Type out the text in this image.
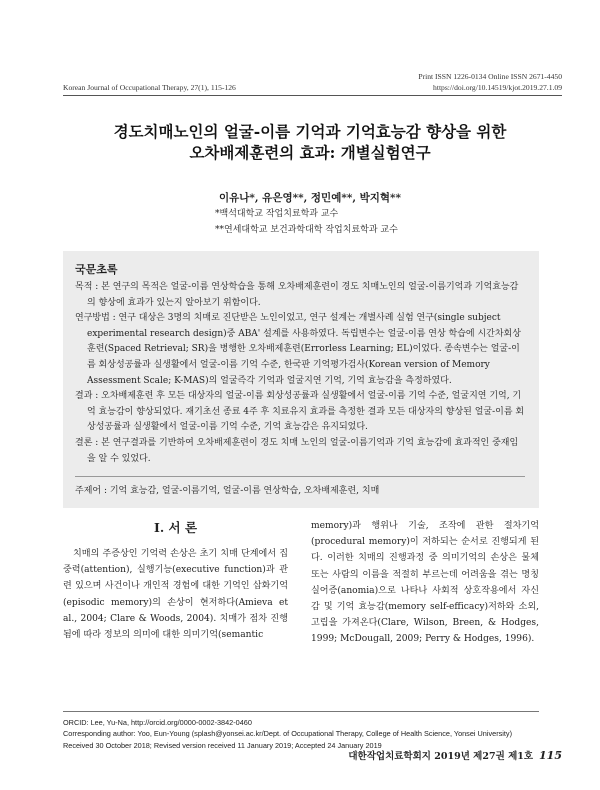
Print ISSN 1226-0134 Online ISSN 2671-4450
https://doi.org/10.14519/kjot.2019.27.1.09
Korean Journal of Occupational Therapy, 27(1), 115-126
경도치매노인의 얼굴-이름 기억과 기억효능감 향상을 위한
오차배제훈련의 효과: 개별실험연구
이유나*, 유은영**, 정민예**, 박지혁**
*백석대학교 작업치료학과 교수
**연세대학교 보건과학대학 작업치료학과 교수
국문초록

목적 : 본 연구의 목적은 얼굴-이름 연상학습을 통해 오차배제훈련이 경도 치매노인의 얼굴-이름기억과 기억효능감의 향상에 효과가 있는지 알아보기 위함이다.

연구방법 : 연구 대상은 3명의 치매로 진단받은 노인이었고, 연구 설계는 개별사례 실험 연구(single subject experimental research design)중 ABA' 설계를 사용하였다. 독립변수는 얼굴-이름 연상 학습에 시간차회상훈련(Spaced Retrieval; SR)을 병행한 오차배제훈련(Errorless Learning; EL)이었다. 종속변수는 얼굴-이름 회상성공률과 실생활에서 얼굴-이름 기억 수준, 한국판 기억평가검사(Korean version of Memory Assessment Scale; K-MAS)의 얼굴즉각 기억과 얼굴지연 기억, 기억 효능감을 측정하였다.

결과 : 오차배제훈련 후 모든 대상자의 얼굴-이름 회상성공률과 실생활에서 얼굴-이름 기억 수준, 얼굴지연 기억, 기억 효능감이 향상되었다. 재기초선 종료 4주 후 치료유지 효과를 측정한 결과 모든 대상자의 향상된 얼굴-이름 회상성공률과 실생활에서 얼굴-이름 기억 수준, 기억 효능감은 유지되었다.

결론 : 본 연구결과를 기반하여 오차배제훈련이 경도 치매 노인의 얼굴-이름기억과 기억 효능감에 효과적인 중재임을 알 수 있었다.

주제어 : 기억 효능감, 얼굴-이름기억, 얼굴-이름 연상학습, 오차배제훈련, 치매
Ⅰ. 서 론

치매의 주증상인 기억력 손상은 초기 치매 단계에서 집중력(attention), 실행기능(executive function)과 관련 있으며 사건이나 개인적 경험에 대한 기억인 삽화기억(episodic memory)의 손상이 현저하다(Amieva et al., 2004; Clare & Woods, 2004). 치매가 점차 진행됨에 따라 정보의 의미에 대한 의미기억(semantic

memory)과 행위나 기술, 조작에 관한 절차기억(procedural memory)이 저하되는 순서로 진행되게 된다. 이러한 치매의 진행과정 중 의미기억의 손상은 물체 또는 사람의 이름을 적절히 부르는데 어려움을 겪는 명칭 실어증(anomia)으로 나타나 사회적 상호작용에서 자신감 및 기억 효능감(memory self-efficacy)저하와 소외, 고립을 가져온다(Clare, Wilson, Breen, & Hodges, 1999; McDougall, 2009; Perry & Hodges, 1996).

ORCID: Lee, Yu-Na, http://orcid.org/0000-0002-3842-0460
Corresponding author: Yoo, Eun-Young (splash@yonsei.ac.kr/Dept. of Occupational Therapy, College of Health Science, Yonsei University)
Received 30 October 2018; Revised version received 11 January 2019; Accepted 24 January 2019
대한작업치료학회지 2019년 제27권 제1호 115
